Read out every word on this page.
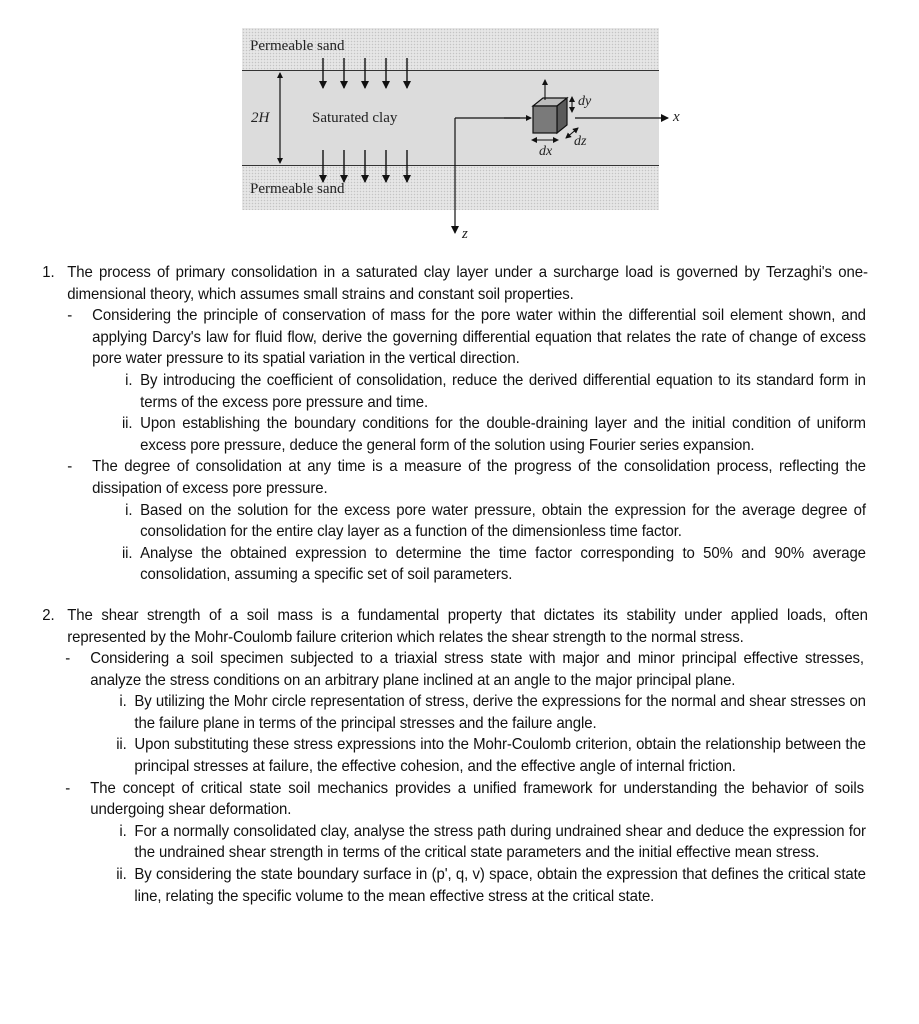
Permeable sand
Saturated clay
Permeable sand
2H	x
z
dy
dx
dz
1. The process of primary consolidation in a saturated clay layer under a surcharge load is governed by Terzaghi's one-dimensional theory, which assumes small strains and constant soil properties.
- Considering the principle of conservation of mass for the pore water within the differential soil element shown, and applying Darcy's law for fluid flow, derive the governing differential equation that relates the rate of change of excess pore water pressure to its spatial variation in the vertical direction.
i. By introducing the coefficient of consolidation, reduce the derived differential equation to its standard form in terms of the excess pore pressure and time.
ii. Upon establishing the boundary conditions for the double-draining layer and the initial condition of uniform excess pore pressure, deduce the general form of the solution using Fourier series expansion.
- The degree of consolidation at any time is a measure of the progress of the consolidation process, reflecting the dissipation of excess pore pressure.
i. Based on the solution for the excess pore water pressure, obtain the expression for the average degree of consolidation for the entire clay layer as a function of the dimensionless time factor.
ii. Analyse the obtained expression to determine the time factor corresponding to 50% and 90% average consolidation, assuming a specific set of soil parameters.
2. The shear strength of a soil mass is a fundamental property that dictates its stability under applied loads, often represented by the Mohr-Coulomb failure criterion which relates the shear strength to the normal stress.
- Considering a soil specimen subjected to a triaxial stress state with major and minor principal effective stresses, analyze the stress conditions on an arbitrary plane inclined at an angle to the major principal plane.
i. By utilizing the Mohr circle representation of stress, derive the expressions for the normal and shear stresses on the failure plane in terms of the principal stresses and the failure angle.
ii. Upon substituting these stress expressions into the Mohr-Coulomb criterion, obtain the relationship between the principal stresses at failure, the effective cohesion, and the effective angle of internal friction.
- The concept of critical state soil mechanics provides a unified framework for understanding the behavior of soils undergoing shear deformation.
i. For a normally consolidated clay, analyse the stress path during undrained shear and deduce the expression for the undrained shear strength in terms of the critical state parameters and the initial effective mean stress.
ii. By considering the state boundary surface in (p', q, v) space, obtain the expression that defines the critical state line, relating the specific volume to the mean effective stress at the critical state.
